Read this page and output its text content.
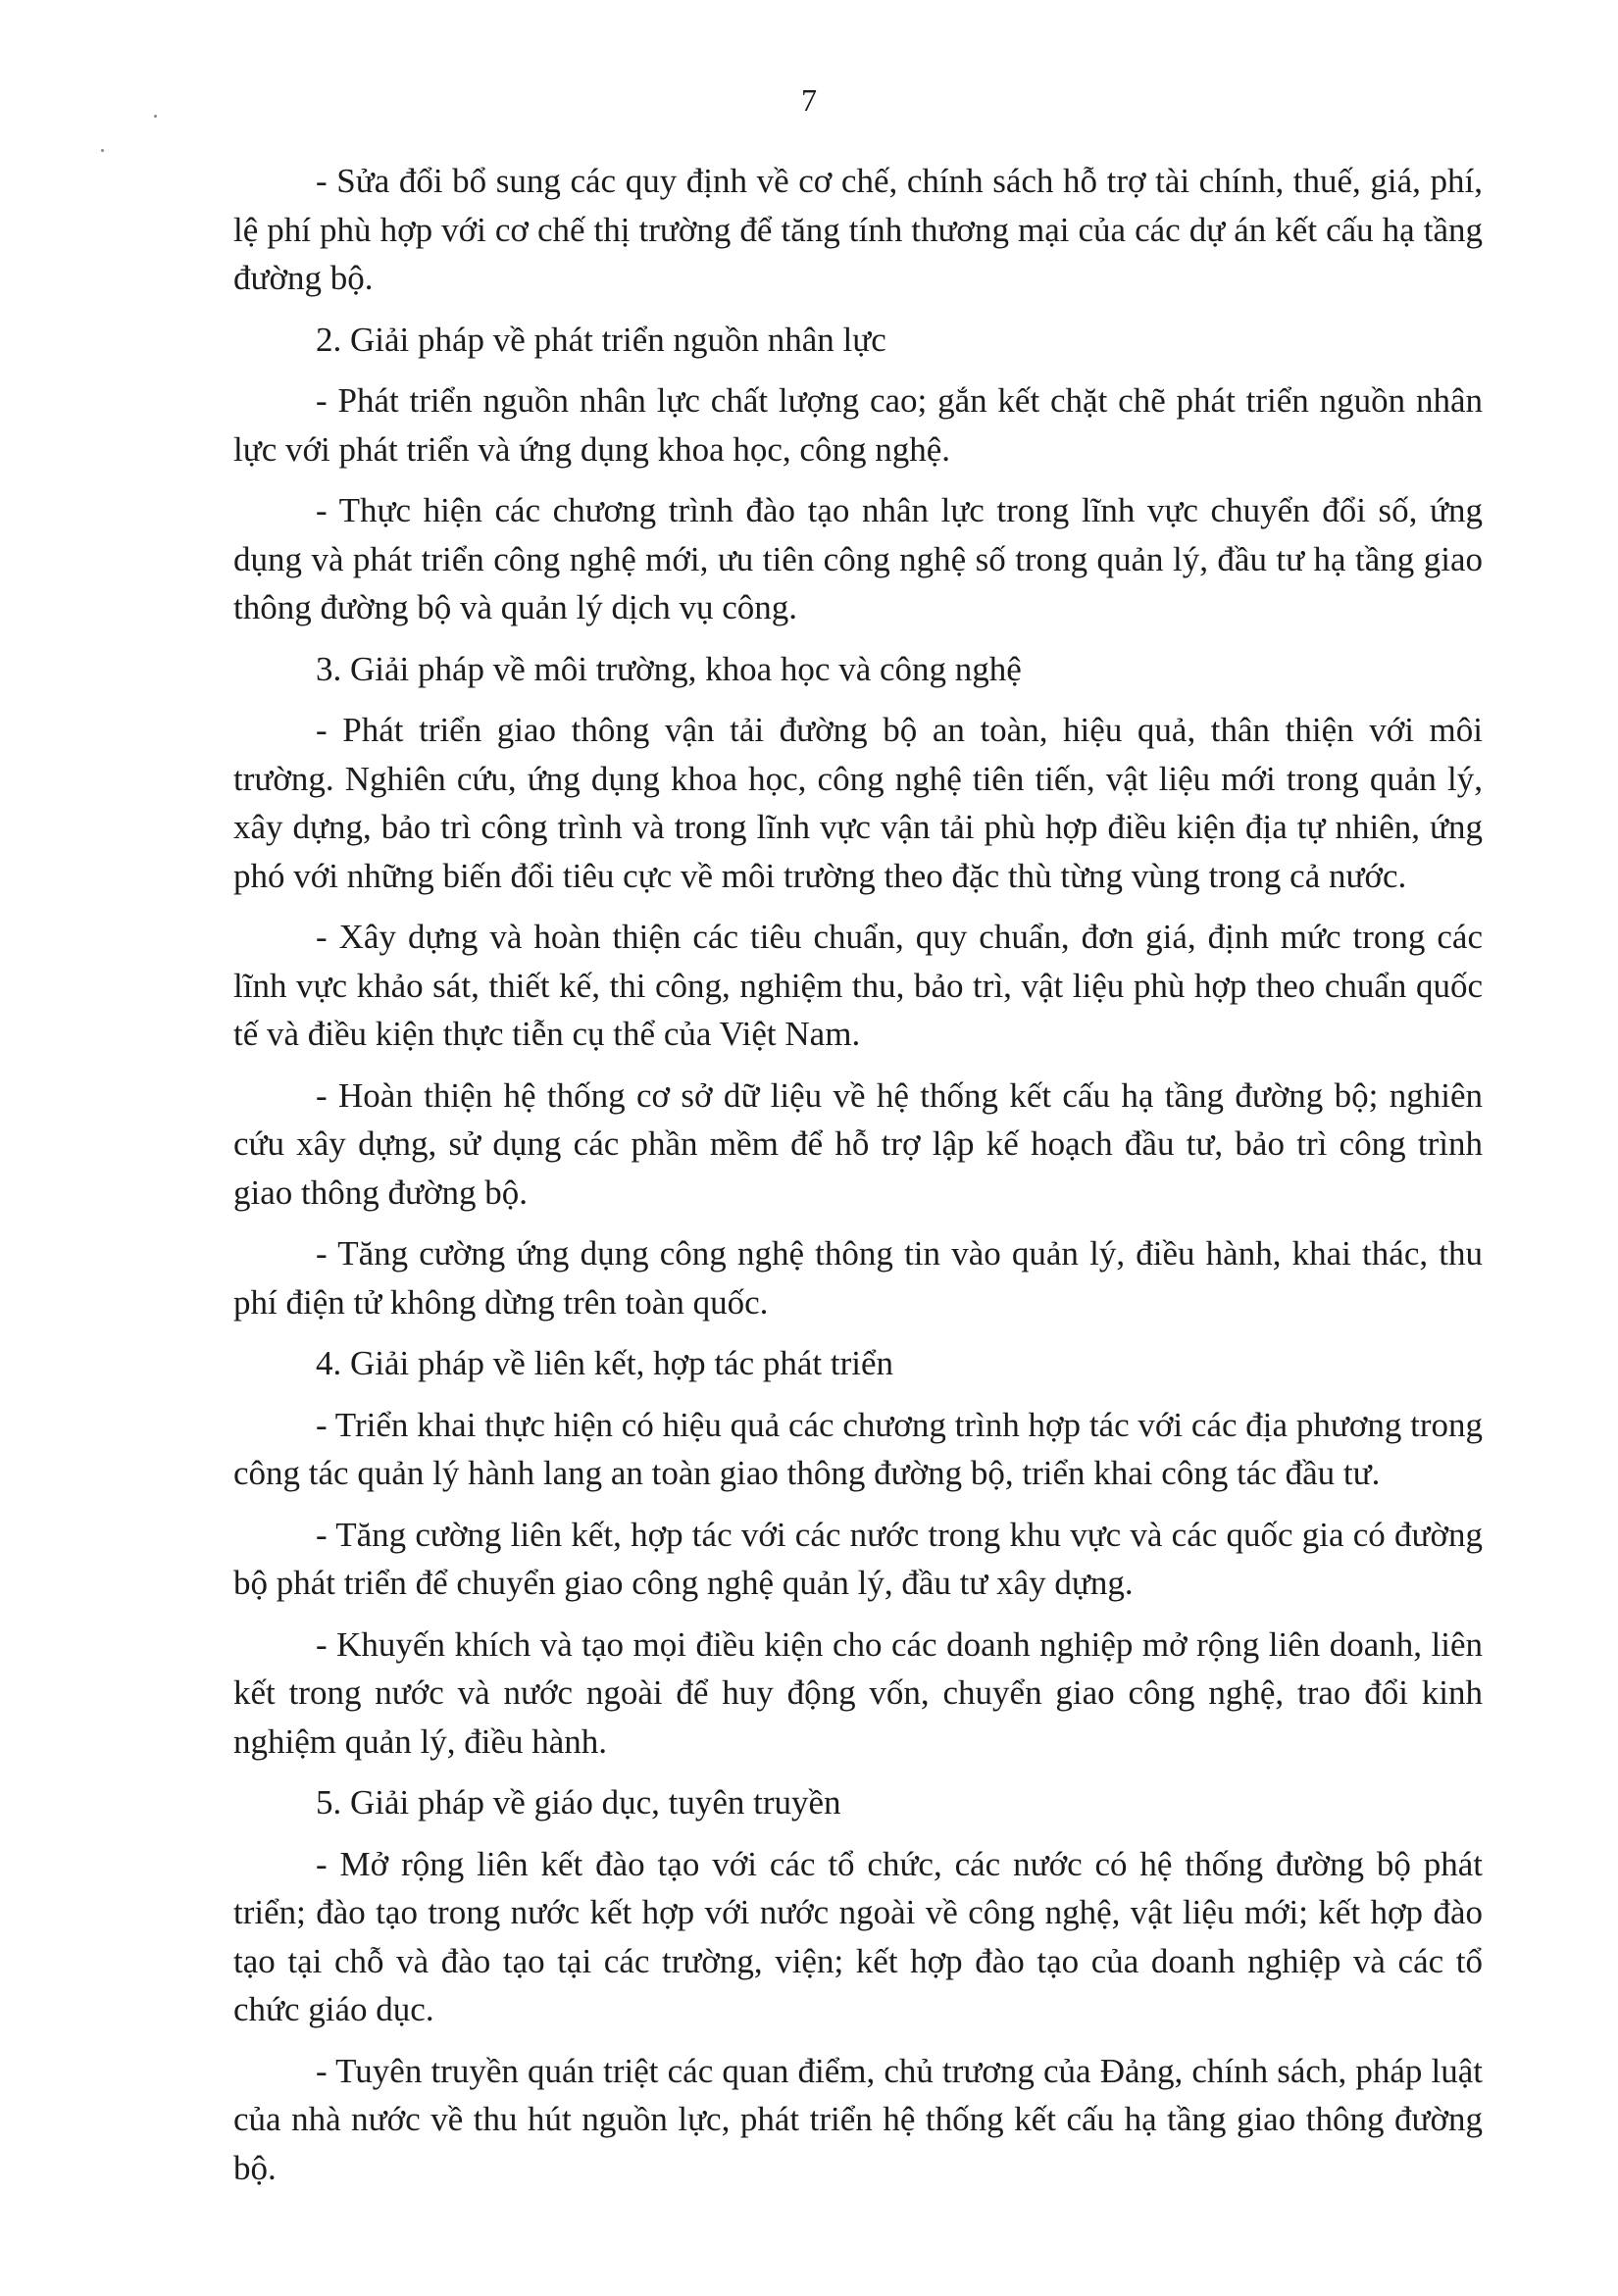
7

- Sửa đổi bổ sung các quy định về cơ chế, chính sách hỗ trợ tài chính, thuế, giá, phí, lệ phí phù hợp với cơ chế thị trường để tăng tính thương mại của các dự án kết cấu hạ tầng đường bộ.

2. Giải pháp về phát triển nguồn nhân lực

- Phát triển nguồn nhân lực chất lượng cao; gắn kết chặt chẽ phát triển nguồn nhân lực với phát triển và ứng dụng khoa học, công nghệ.

- Thực hiện các chương trình đào tạo nhân lực trong lĩnh vực chuyển đổi số, ứng dụng và phát triển công nghệ mới, ưu tiên công nghệ số trong quản lý, đầu tư hạ tầng giao thông đường bộ và quản lý dịch vụ công.

3. Giải pháp về môi trường, khoa học và công nghệ

- Phát triển giao thông vận tải đường bộ an toàn, hiệu quả, thân thiện với môi trường. Nghiên cứu, ứng dụng khoa học, công nghệ tiên tiến, vật liệu mới trong quản lý, xây dựng, bảo trì công trình và trong lĩnh vực vận tải phù hợp điều kiện địa tự nhiên, ứng phó với những biến đổi tiêu cực về môi trường theo đặc thù từng vùng trong cả nước.

- Xây dựng và hoàn thiện các tiêu chuẩn, quy chuẩn, đơn giá, định mức trong các lĩnh vực khảo sát, thiết kế, thi công, nghiệm thu, bảo trì, vật liệu phù hợp theo chuẩn quốc tế và điều kiện thực tiễn cụ thể của Việt Nam.

- Hoàn thiện hệ thống cơ sở dữ liệu về hệ thống kết cấu hạ tầng đường bộ; nghiên cứu xây dựng, sử dụng các phần mềm để hỗ trợ lập kế hoạch đầu tư, bảo trì công trình giao thông đường bộ.

- Tăng cường ứng dụng công nghệ thông tin vào quản lý, điều hành, khai thác, thu phí điện tử không dừng trên toàn quốc.

4. Giải pháp về liên kết, hợp tác phát triển

- Triển khai thực hiện có hiệu quả các chương trình hợp tác với các địa phương trong công tác quản lý hành lang an toàn giao thông đường bộ, triển khai công tác đầu tư.

- Tăng cường liên kết, hợp tác với các nước trong khu vực và các quốc gia có đường bộ phát triển để chuyển giao công nghệ quản lý, đầu tư xây dựng.

- Khuyến khích và tạo mọi điều kiện cho các doanh nghiệp mở rộng liên doanh, liên kết trong nước và nước ngoài để huy động vốn, chuyển giao công nghệ, trao đổi kinh nghiệm quản lý, điều hành.

5. Giải pháp về giáo dục, tuyên truyền

- Mở rộng liên kết đào tạo với các tổ chức, các nước có hệ thống đường bộ phát triển; đào tạo trong nước kết hợp với nước ngoài về công nghệ, vật liệu mới; kết hợp đào tạo tại chỗ và đào tạo tại các trường, viện; kết hợp đào tạo của doanh nghiệp và các tổ chức giáo dục.

- Tuyên truyền quán triệt các quan điểm, chủ trương của Đảng, chính sách, pháp luật của nhà nước về thu hút nguồn lực, phát triển hệ thống kết cấu hạ tầng giao thông đường bộ.
